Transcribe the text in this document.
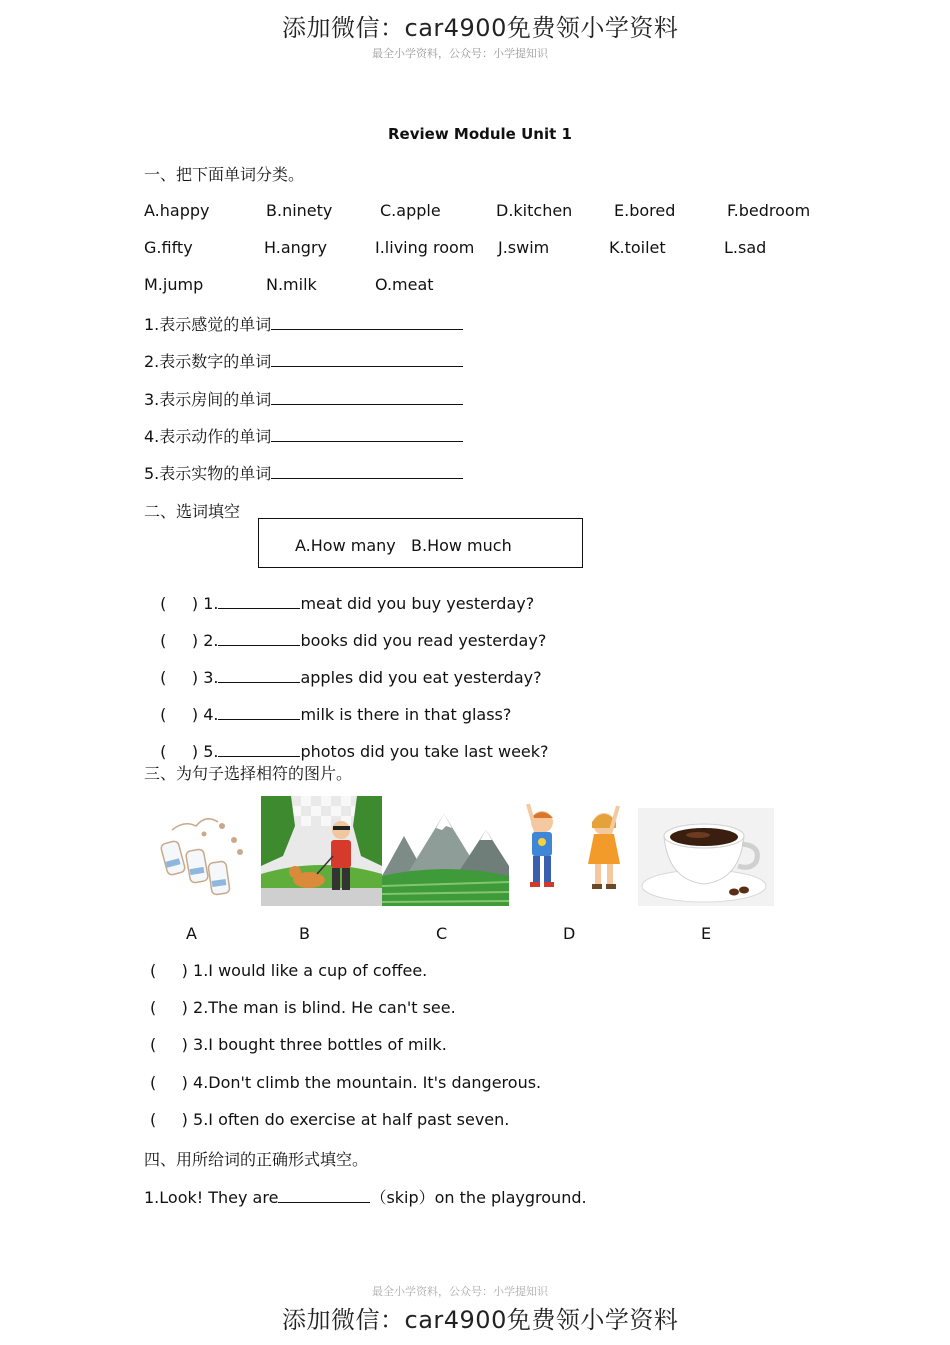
添加微信：car4900免费领小学资料
最全小学资料，公众号：小学提知识
Review Module Unit 1
一、把下面单词分类。
A.happy	B.ninety	C.apple	D.kitchen	E.bored	F.bedroom
G.fifty	H.angry	I.living room J.swim	K.toilet	L.sad
M.jump	N.milk	O.meat
1.表示感觉的单词
2.表示数字的单词
3.表示房间的单词
4.表示动作的单词
5.表示实物的单词
二、选词填空
A.How many   B.How much

(     ) 1.	meat did you buy yesterday?

(     ) 2.	books did you read yesterday?

(     ) 3.	apples did you eat yesterday?

(     ) 4.	milk is there in that glass?

(     ) 5.	photos did you take last week?

三、为句子选择相符的图片。
A	B	C	D	E
(     ) 1.I would like a cup of coffee.
(     ) 2.The man is blind. He can't see.
(     ) 3.I bought three bottles of milk.
(     ) 4.Don't climb the mountain. It's dangerous.
(     ) 5.I often do exercise at half past seven.
四、用所给词的正确形式填空。
1.Look! They are	（skip）on the playground.
最全小学资料，公众号：小学提知识
添加微信：car4900免费领小学资料
